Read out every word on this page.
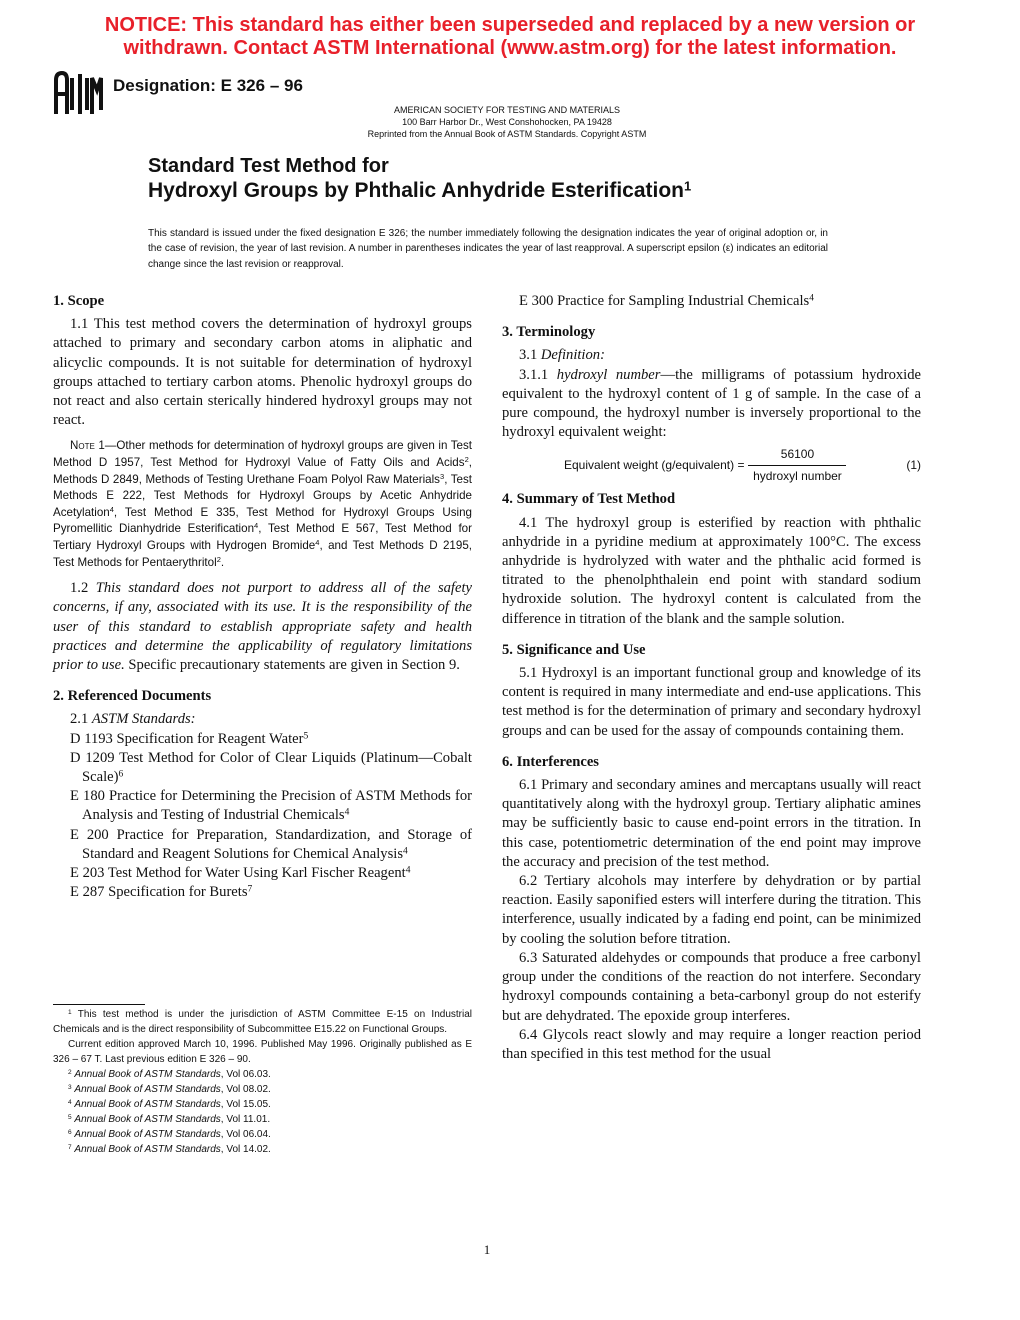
NOTICE: This standard has either been superseded and replaced by a new version or
withdrawn. Contact ASTM International (www.astm.org) for the latest information.
Designation: E 326 – 96
AMERICAN SOCIETY FOR TESTING AND MATERIALS
100 Barr Harbor Dr., West Conshohocken, PA 19428
Reprinted from the Annual Book of ASTM Standards. Copyright ASTM
Standard Test Method for
Hydroxyl Groups by Phthalic Anhydride Esterification$^1$
This standard is issued under the fixed designation E 326; the number immediately following the designation indicates the year of original adoption or, in the case of revision, the year of last revision. A number in parentheses indicates the year of last reapproval. A superscript epsilon (ε) indicates an editorial change since the last revision or reapproval.
1. Scope
1.1 This test method covers the determination of hydroxyl groups attached to primary and secondary carbon atoms in aliphatic and alicyclic compounds. It is not suitable for determination of hydroxyl groups attached to tertiary carbon atoms. Phenolic hydroxyl groups do not react and also certain sterically hindered hydroxyl groups may not react.
Note 1—Other methods for determination of hydroxyl groups are given in Test Method D 1957, Test Method for Hydroxyl Value of Fatty Oils and Acids$^2$, Methods D 2849, Methods of Testing Urethane Foam Polyol Raw Materials$^3$, Test Methods E 222, Test Methods for Hydroxyl Groups by Acetic Anhydride Acetylation$^4$, Test Method E 335, Test Method for Hydroxyl Groups Using Pyromellitic Dianhydride Esterification$^4$, Test Method E 567, Test Method for Tertiary Hydroxyl Groups with Hydrogen Bromide$^4$, and Test Methods D 2195, Test Methods for Pentaerythritol$^2$.
1.2 This standard does not purport to address all of the safety concerns, if any, associated with its use. It is the responsibility of the user of this standard to establish appropriate safety and health practices and determine the applicability of regulatory limitations prior to use. Specific precautionary statements are given in Section 9.
2. Referenced Documents
2.1 ASTM Standards:
D 1193 Specification for Reagent Water$^5$
D 1209 Test Method for Color of Clear Liquids (Platinum—Cobalt Scale)$^6$
E 180 Practice for Determining the Precision of ASTM Methods for Analysis and Testing of Industrial Chemicals$^4$
E 200 Practice for Preparation, Standardization, and Storage of Standard and Reagent Solutions for Chemical Analysis$^4$
E 203 Test Method for Water Using Karl Fischer Reagent$^4$
E 287 Specification for Burets$^7$
E 300 Practice for Sampling Industrial Chemicals$^4$
3. Terminology
3.1 Definition:
3.1.1 hydroxyl number—the milligrams of potassium hydroxide equivalent to the hydroxyl content of 1 g of sample. In the case of a pure compound, the hydroxyl number is inversely proportional to the hydroxyl equivalent weight:
Equivalent weight (g/equivalent) = $\frac{56100}{\text{hydroxyl number}}$	(1)
4. Summary of Test Method
4.1 The hydroxyl group is esterified by reaction with phthalic anhydride in a pyridine medium at approximately 100°C. The excess anhydride is hydrolyzed with water and the phthalic acid formed is titrated to the phenolphthalein end point with standard sodium hydroxide solution. The hydroxyl content is calculated from the difference in titration of the blank and the sample solution.
5. Significance and Use
5.1 Hydroxyl is an important functional group and knowledge of its content is required in many intermediate and end-use applications. This test method is for the determination of primary and secondary hydroxyl groups and can be used for the assay of compounds containing them.
6. Interferences
6.1 Primary and secondary amines and mercaptans usually will react quantitatively along with the hydroxyl group. Tertiary aliphatic amines may be sufficiently basic to cause end-point errors in the titration. In this case, potentiometric determination of the end point may improve the accuracy and precision of the test method.
6.2 Tertiary alcohols may interfere by dehydration or by partial reaction. Easily saponified esters will interfere during the titration. This interference, usually indicated by a fading end point, can be minimized by cooling the solution before titration.
6.3 Saturated aldehydes or compounds that produce a free carbonyl group under the conditions of the reaction do not interfere. Secondary hydroxyl compounds containing a beta-carbonyl group do not esterify but are dehydrated. The epoxide group interferes.
6.4 Glycols react slowly and may require a longer reaction period than specified in this test method for the usual
$^1$ This test method is under the jurisdiction of ASTM Committee E-15 on Industrial Chemicals and is the direct responsibility of Subcommittee E15.22 on Functional Groups.
Current edition approved March 10, 1996. Published May 1996. Originally published as E 326 – 67 T. Last previous edition E 326 – 90.
$^2$ Annual Book of ASTM Standards, Vol 06.03.
$^3$ Annual Book of ASTM Standards, Vol 08.02.
$^4$ Annual Book of ASTM Standards, Vol 15.05.
$^5$ Annual Book of ASTM Standards, Vol 11.01.
$^6$ Annual Book of ASTM Standards, Vol 06.04.
$^7$ Annual Book of ASTM Standards, Vol 14.02.
1
